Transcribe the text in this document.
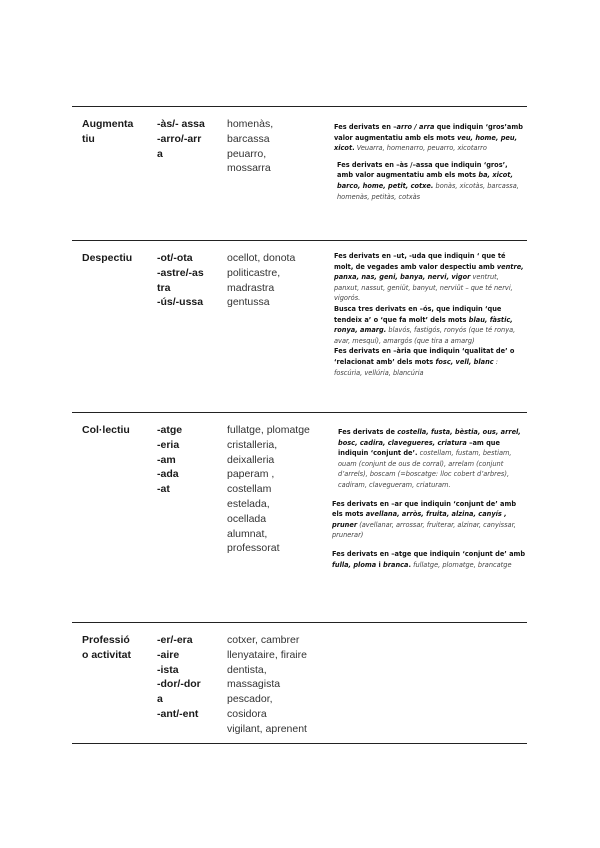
Augmenta
tiu
-às/- assa
-arro/-arr
a
homenàs,
barcassa
peuarro,
mossarra

Fes derivats en –arro / arra que indiquin ‘gros’amb valor augmentatiu amb els mots veu, home, peu, xicot. Veuarra, homenarro, peuarro, xicotarro

Fes derivats en –às /–assa que indiquin ‘gros’, amb valor augmentatiu amb els mots ba, xicot, barco, home, petit, cotxe. bonàs, xicotàs, barcassa, homenàs, petitàs, cotxàs

Despectiu	-ot/-ota
-astre/-as
tra
-ús/-ussa
ocellot, donota
politicastre,
madrastra
gentussa

Fes derivats en –ut, -uda que indiquin ‘ que té molt, de vegades amb valor despectiu amb ventre, panxa, nas, geni, banya, nervi, vigor ventrut, panxut, nassut, geniüt, banyut, nerviüt – que té nervi, vigorós.

Busca tres derivats en –ós, que indiquin ‘que tendeix a’ o ‘que fa molt’ dels mots blau, fàstic, ronya, amarg. blavós, fastigós, ronyós (que té ronya, avar, mesquí), amargós (que tira a amarg)

Fes derivats en –ària que indiquin ‘qualitat de’ o ‘relacionat amb’ dels mots fosc, vell, blanc : foscúria, vellúria, blancúria

Col·lectiu	-atge
-eria
-am
-ada
-at
fullatge, plomatge
cristalleria,
deixalleria
paperam ,
costellam
estelada,
ocellada
alumnat,
professorat

Fes derivats de costella, fusta, bèstia, ous, arrel, bosc, cadira, clavegueres, criatura –am que indiquin ‘conjunt de’. costellam, fustam, bestiam, ouam (conjunt de ous de corral), arrelam (conjunt d’arrels), boscam (=boscatge: lloc cobert d’arbres), cadiram, clavegueram, criaturam.

Fes derivats en –ar que indiquin ‘conjunt de’ amb els mots avellana, arròs, fruita, alzina, canyís , pruner (avellanar, arrossar, fruiterar, alzinar, canyissar, prunerar)

Fes derivats en –atge que indiquin ‘conjunt de’ amb fulla, ploma i branca. fullatge, plomatge, brancatge

Professió
o activitat
-er/-era
-aire
-ista
-dor/-dor
a
-ant/-ent
cotxer, cambrer
llenyataire, firaire
dentista,
massagista
pescador,
cosidora
vigilant, aprenent
